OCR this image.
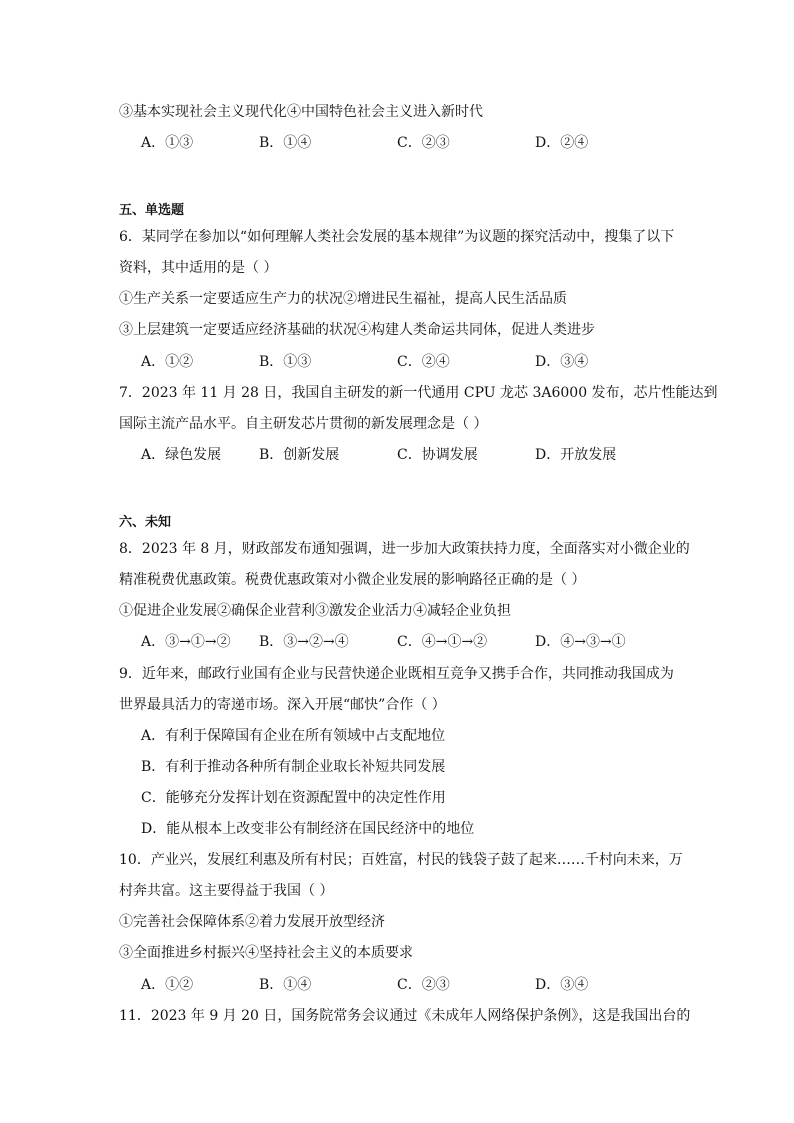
③基本实现社会主义现代化④中国特色社会主义进入新时代
A．①③	B．①④	C．②③	D．②④
五、单选题
6．某同学在参加以“如何理解人类社会发展的基本规律”为议题的探究活动中，搜集了以下
资料，其中适用的是（ ）
①生产关系一定要适应生产力的状况②增进民生福祉，提高人民生活品质
③上层建筑一定要适应经济基础的状况④构建人类命运共同体，促进人类进步
A．①②	B．①③	C．②④	D．③④
7．2023 年 11 月 28 日，我国自主研发的新一代通用 CPU 龙芯 3A6000 发布，芯片性能达到
国际主流产品水平。自主研发芯片贯彻的新发展理念是（ ）
A．绿色发展	B．创新发展	C．协调发展	D．开放发展
六、未知
8．2023 年 8 月，财政部发布通知强调，进一步加大政策扶持力度，全面落实对小微企业的
精准税费优惠政策。税费优惠政策对小微企业发展的影响路径正确的是（ ）
①促进企业发展②确保企业营利③激发企业活力④减轻企业负担
A．③→①→② B．③→②→④	C．④→①→②	D．④→③→①
9．近年来，邮政行业国有企业与民营快递企业既相互竞争又携手合作，共同推动我国成为
世界最具活力的寄递市场。深入开展“邮快”合作（ ）
A．有利于保障国有企业在所有领域中占支配地位
B．有利于推动各种所有制企业取长补短共同发展
C．能够充分发挥计划在资源配置中的决定性作用
D．能从根本上改变非公有制经济在国民经济中的地位
10．产业兴，发展红利惠及所有村民；百姓富，村民的钱袋子鼓了起来……千村向未来，万
村奔共富。这主要得益于我国（ ）
①完善社会保障体系②着力发展开放型经济
③全面推进乡村振兴④坚持社会主义的本质要求
A．①②	B．①④	C．②③	D．③④
11．2023 年 9 月 20 日，国务院常务会议通过《未成年人网络保护条例》，这是我国出台的
